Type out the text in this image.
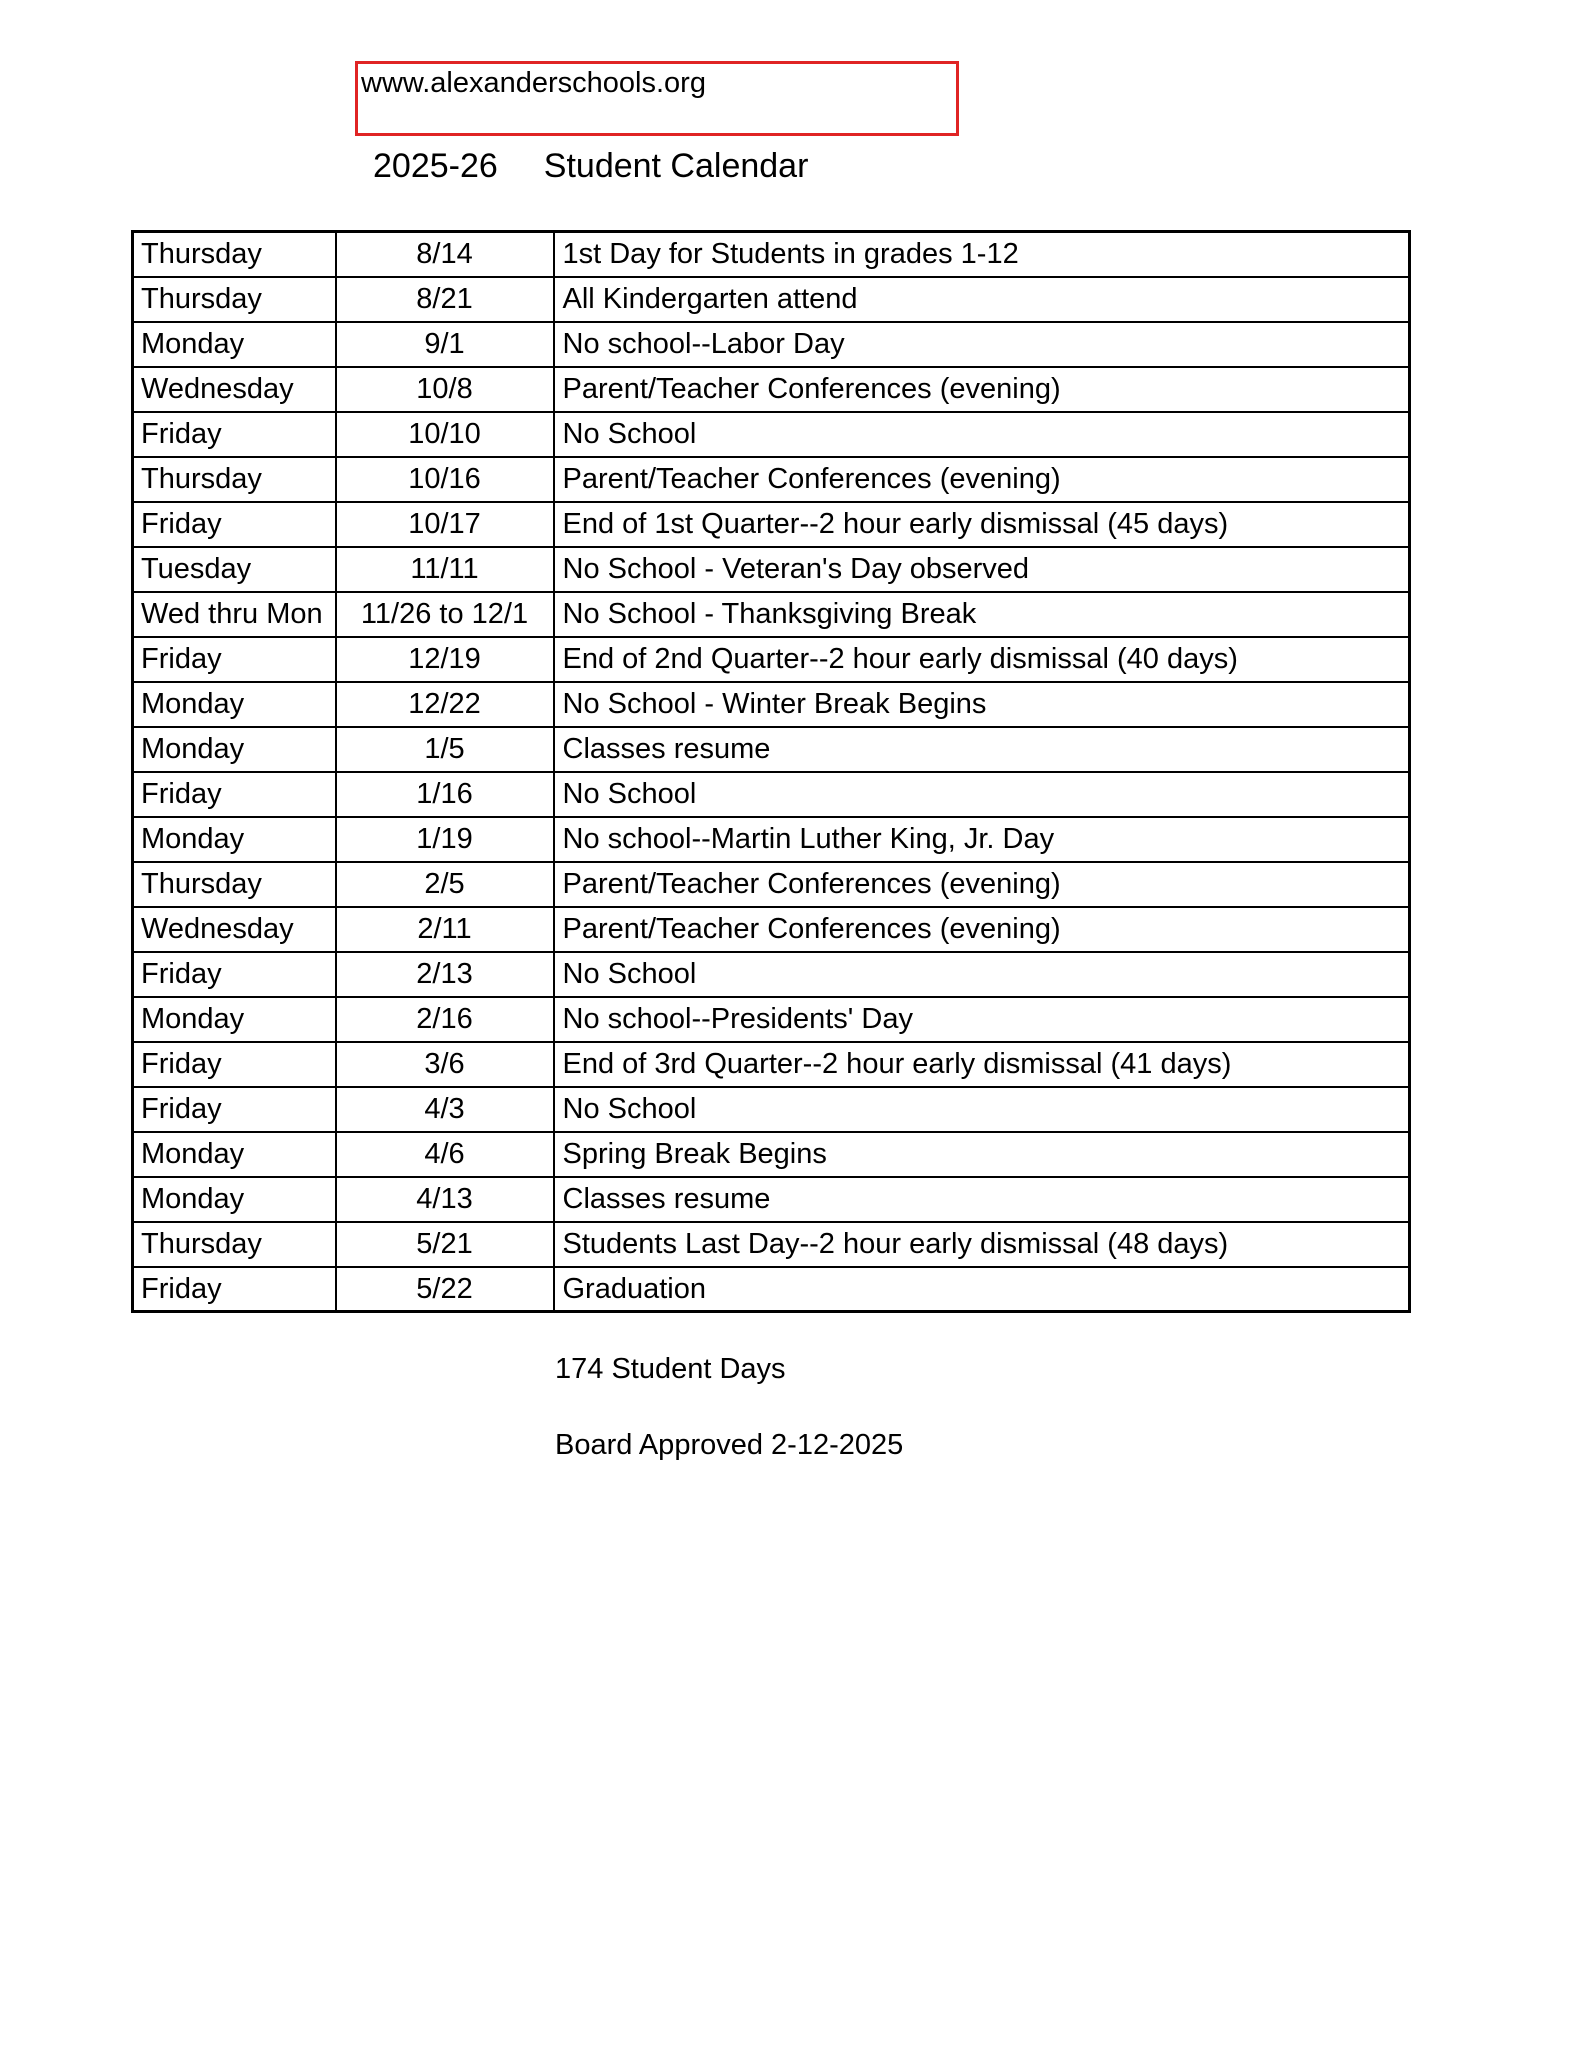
www.alexanderschools.org
2025-26 Student Calendar
Thursday	8/14	1st Day for Students in grades 1-12
Thursday	8/21	All Kindergarten attend
Monday	9/1	No school--Labor Day
Wednesday	10/8	Parent/Teacher Conferences (evening)
Friday	10/10	No School
Thursday	10/16	Parent/Teacher Conferences (evening)
Friday	10/17	End of 1st Quarter--2 hour early dismissal (45 days)
Tuesday	11/11	No School - Veteran's Day observed
Wed thru Mon	11/26 to 12/1	No School - Thanksgiving Break
Friday	12/19	End of 2nd Quarter--2 hour early dismissal (40 days)
Monday	12/22	No School - Winter Break Begins
Monday	1/5	Classes resume
Friday	1/16	No School
Monday	1/19	No school--Martin Luther King, Jr. Day
Thursday	2/5	Parent/Teacher Conferences (evening)
Wednesday	2/11	Parent/Teacher Conferences (evening)
Friday	2/13	No School
Monday	2/16	No school--Presidents' Day
Friday	3/6	End of 3rd Quarter--2 hour early dismissal (41 days)
Friday	4/3	No School
Monday	4/6	Spring Break Begins
Monday	4/13	Classes resume
Thursday	5/21	Students Last Day--2 hour early dismissal (48 days)
Friday	5/22	Graduation
174 Student Days
Board Approved 2-12-2025
